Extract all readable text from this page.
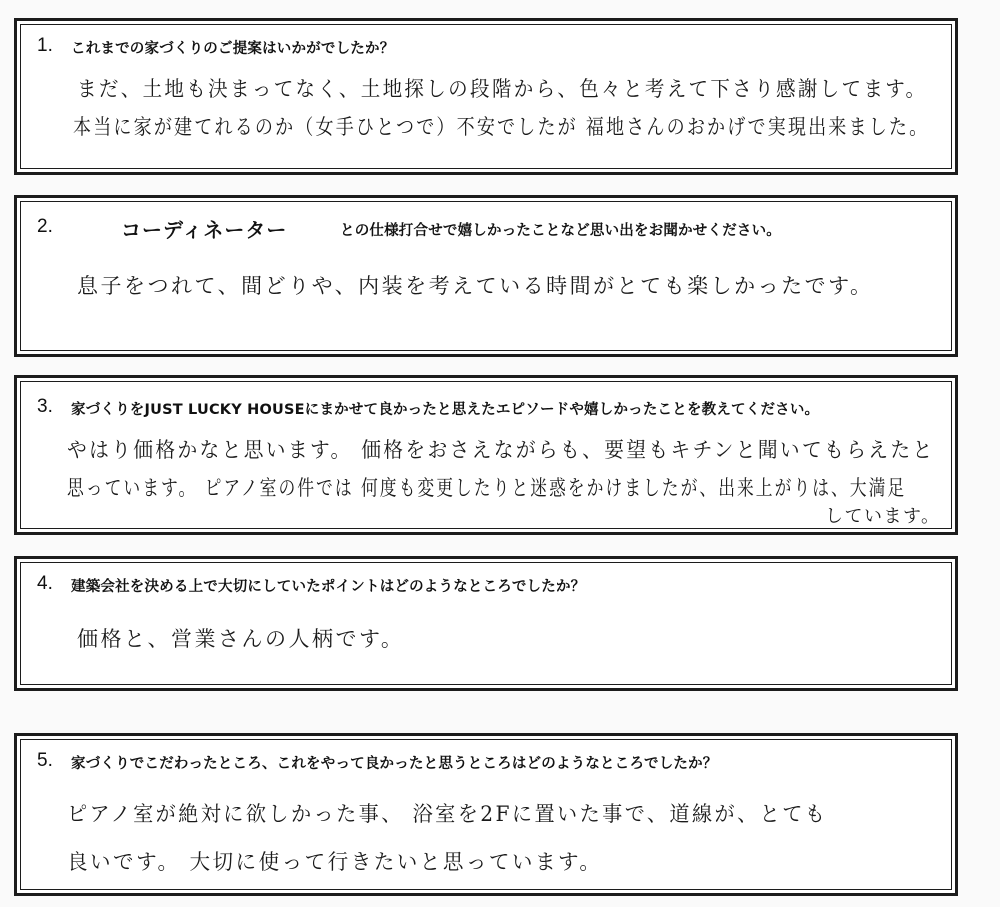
1. これまでの家づくりのご提案はいかがでしたか？
まだ、土地も決まってなく、土地探しの段階から、色々と考えて下さり感謝してます。
本当に家が建てれるのか（女手ひとつで）不安でしたが 福地さんのおかげで実現出来ました。
2.	コーディネーター	との仕様打合せで嬉しかったことなど思い出をお聞かせください。
息子をつれて、間どりや、内装を考えている時間がとても楽しかったです。
3. 家づくりをJUST LUCKY HOUSEにまかせて良かったと思えたエピソードや嬉しかったことを教えてください。
やはり価格かなと思います。 価格をおさえながらも、要望もキチンと聞いてもらえたと
思っています。 ピアノ室の件では 何度も変更したりと迷惑をかけましたが、出来上がりは、大満足
しています。
4. 建築会社を決める上で大切にしていたポイントはどのようなところでしたか？
価格と、営業さんの人柄です。
5. 家づくりでこだわったところ、これをやって良かったと思うところはどのようなところでしたか？
ピアノ室が絶対に欲しかった事、 浴室を2Fに置いた事で、道線が、とても
良いです。 大切に使って行きたいと思っています。
